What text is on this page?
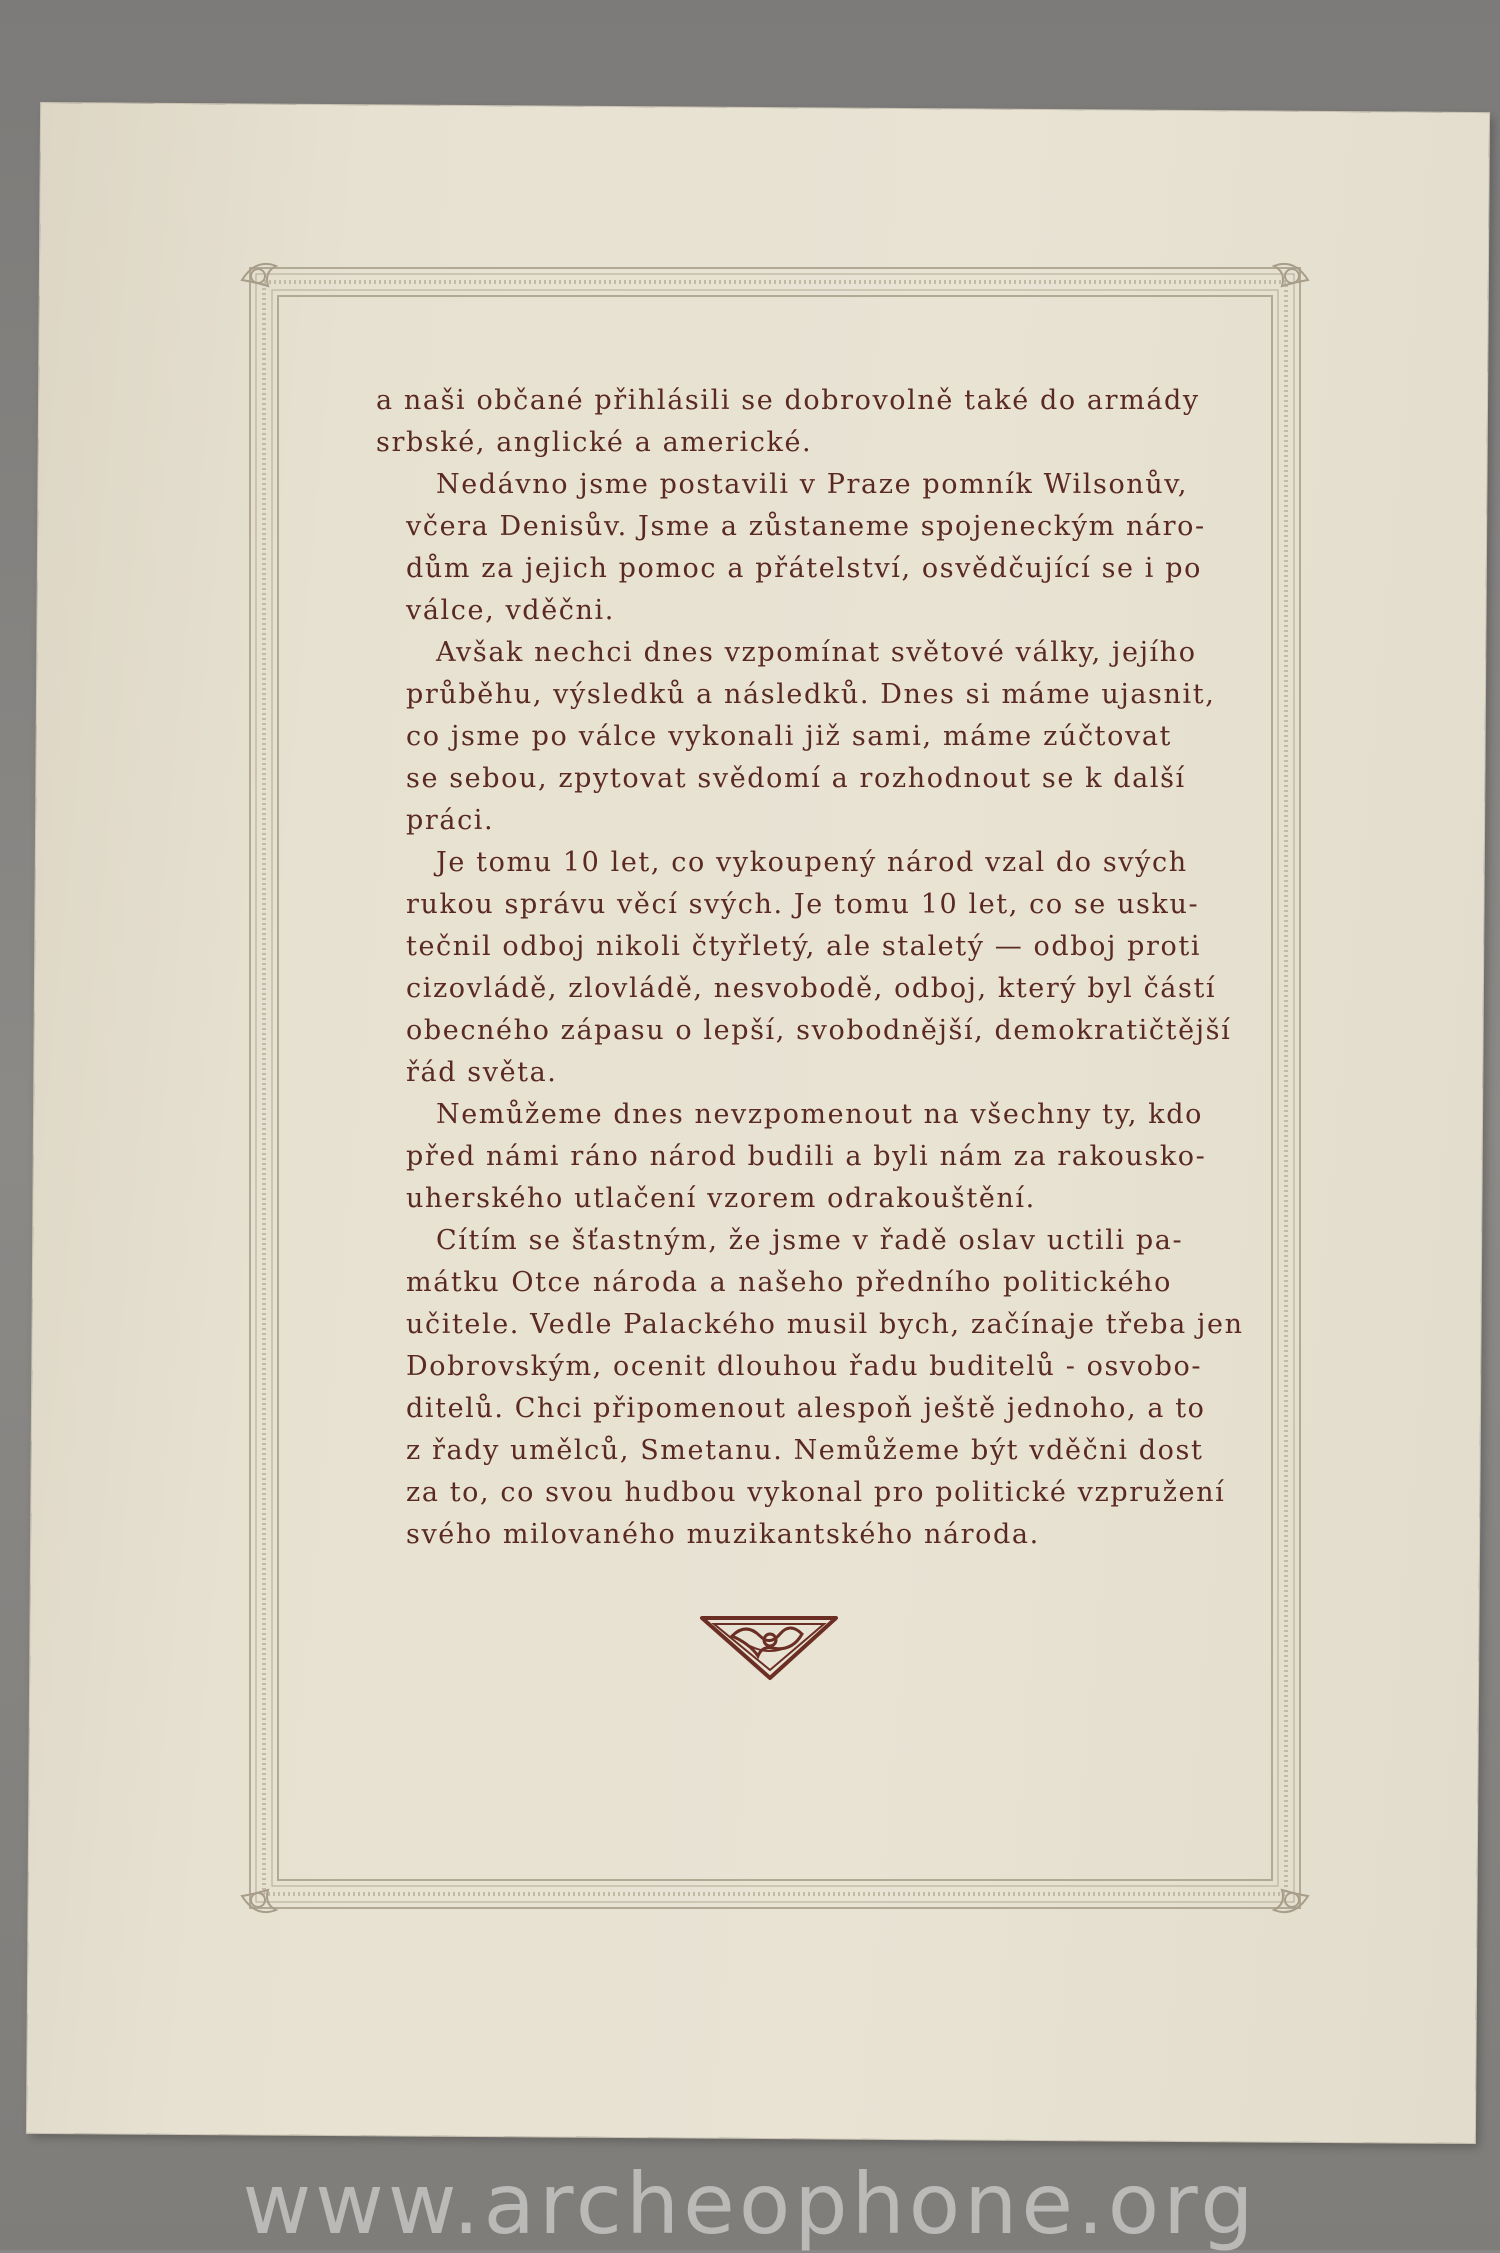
a naši občané přihlásili se dobrovolně také do armády
srbské, anglické a americké.
Nedávno jsme postavili v Praze pomník Wilsonův,
včera Denisův. Jsme a zůstaneme spojeneckým náro-
dům za jejich pomoc a přátelství, osvědčující se i po
válce, vděčni.
Avšak nechci dnes vzpomínat světové války, jejího
průběhu, výsledků a následků. Dnes si máme ujasnit,
co jsme po válce vykonali již sami, máme zúčtovat
se sebou, zpytovat svědomí a rozhodnout se k další
práci.
Je tomu 10 let, co vykoupený národ vzal do svých
rukou správu věcí svých. Je tomu 10 let, co se usku-
tečnil odboj nikoli čtyřletý, ale staletý — odboj proti
cizovládě, zlovládě, nesvobodě, odboj, který byl částí
obecného zápasu o lepší, svobodnější, demokratičtější
řád světa.
Nemůžeme dnes nevzpomenout na všechny ty, kdo
před námi ráno národ budili a byli nám za rakousko-
uherského utlačení vzorem odrakouštění.
Cítím se šťastným, že jsme v řadě oslav uctili pa-
mátku Otce národa a našeho předního politického
učitele. Vedle Palackého musil bych, začínaje třeba jen
Dobrovským, ocenit dlouhou řadu buditelů - osvobo-
ditelů. Chci připomenout alespoň ještě jednoho, a to
z řady umělců, Smetanu. Nemůžeme být vděčni dost
za to, co svou hudbou vykonal pro politické vzpružení
svého milovaného muzikantského národa.
www.archeophone.org
